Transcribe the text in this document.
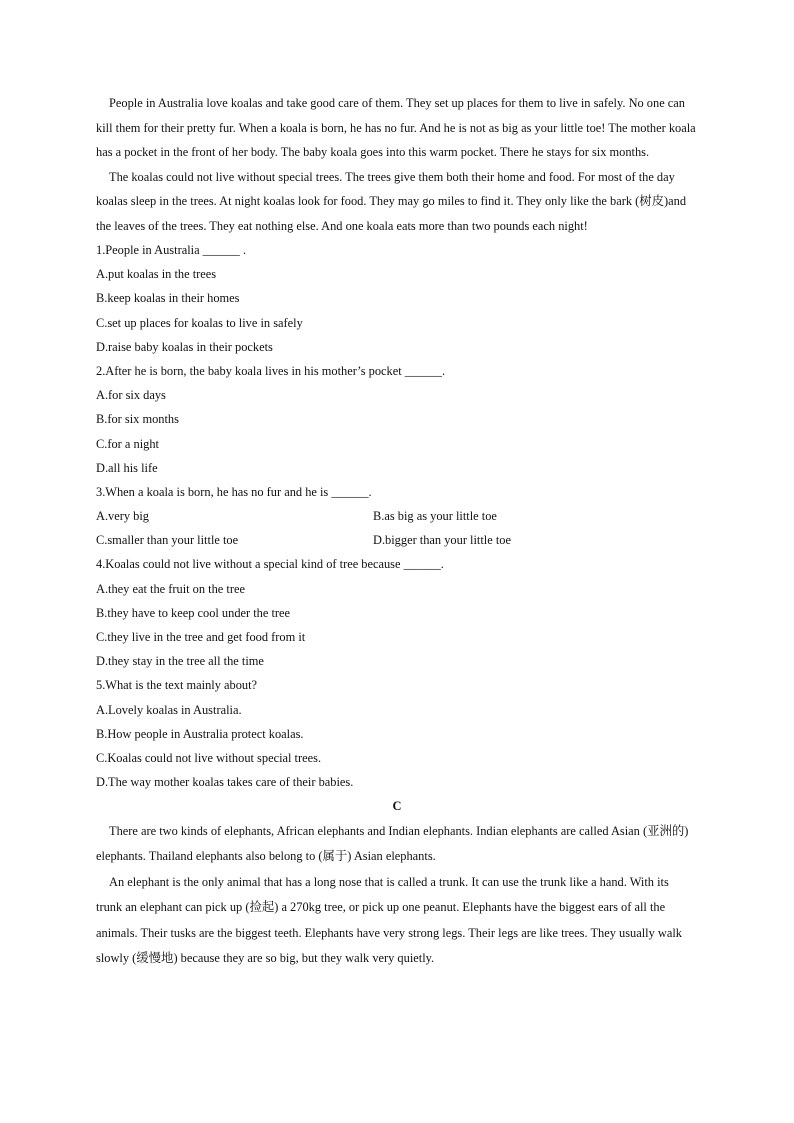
People in Australia love koalas and take good care of them. They set up places for them to live in safely. No one can kill them for their pretty fur. When a koala is born, he has no fur. And he is not as big as your little toe! The mother koala has a pocket in the front of her body. The baby koala goes into this warm pocket. There he stays for six months.

The koalas could not live without special trees. The trees give them both their home and food. For most of the day koalas sleep in the trees. At night koalas look for food. They may go miles to find it. They only like the bark (树皮)and the leaves of the trees. They eat nothing else. And one koala eats more than two pounds each night!

1.People in Australia ______ .
A.put koalas in the trees
B.keep koalas in their homes
C.set up places for koalas to live in safely
D.raise baby koalas in their pockets
2.After he is born, the baby koala lives in his mother’s pocket ______.
A.for six days
B.for six months
C.for a night
D.all his life
3.When a koala is born, he has no fur and he is ______.
A.very big	B.as big as your little toe
C.smaller than your little toe	D.bigger than your little toe
4.Koalas could not live without a special kind of tree because ______.
A.they eat the fruit on the tree
B.they have to keep cool under the tree
C.they live in the tree and get food from it
D.they stay in the tree all the time
5.What is the text mainly about?
A.Lovely koalas in Australia.
B.How people in Australia protect koalas.
C.Koalas could not live without special trees.
D.The way mother koalas takes care of their babies.
C

There are two kinds of elephants, African elephants and Indian elephants. Indian elephants are called Asian (亚洲的) elephants. Thailand elephants also belong to (属于) Asian elephants.

An elephant is the only animal that has a long nose that is called a trunk. It can use the trunk like a hand. With its trunk an elephant can pick up (捡起) a 270kg tree, or pick up one peanut. Elephants have the biggest ears of all the animals. Their tusks are the biggest teeth. Elephants have very strong legs. Their legs are like trees. They usually walk slowly (缓慢地) because they are so big, but they walk very quietly.
